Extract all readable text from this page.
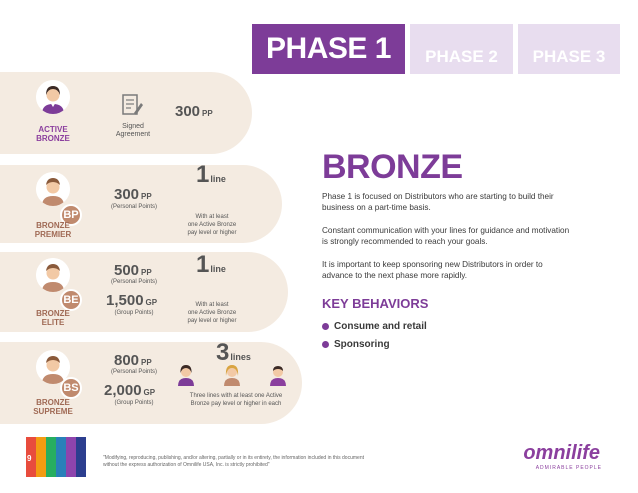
PHASE 1 PHASE 2 PHASE 3
ACTIVE
BRONZE
Signed
Agreement
300 PP
BP
BRONZE
PREMIER
300 PP
(Personal Points)
1line
With at least
one Active Bronze
pay level or higher
BE
BRONZE
ELITE
500 PP
(Personal Points)
1,500 GP
(Group Points)
1line
With at least
one Active Bronze
pay level or higher
BS
BRONZE
SUPREME
800 PP
(Personal Points)
2,000 GP
(Group Points)
3lines
Three lines with at least one Active
Bronze pay level or higher in each
BRONZE
Phase 1 is focused on Distributors who are starting to build their
business on a part-time basis.
Constant communication with your lines for guidance and motivation
is strongly recommended to reach your goals.
It is important to keep sponsoring new Distributors in order to
advance to the next phase more rapidly.
KEY BEHAVIORS
Consume and retail
Sponsoring
9	"Modifying, reproducing, publishing, and/or altering, partially or in its entirety, the information included in this document
without the express authorization of Omnilife USA, Inc. is strictly prohibited"
omnilife
ADMIRABLE PEOPLE
